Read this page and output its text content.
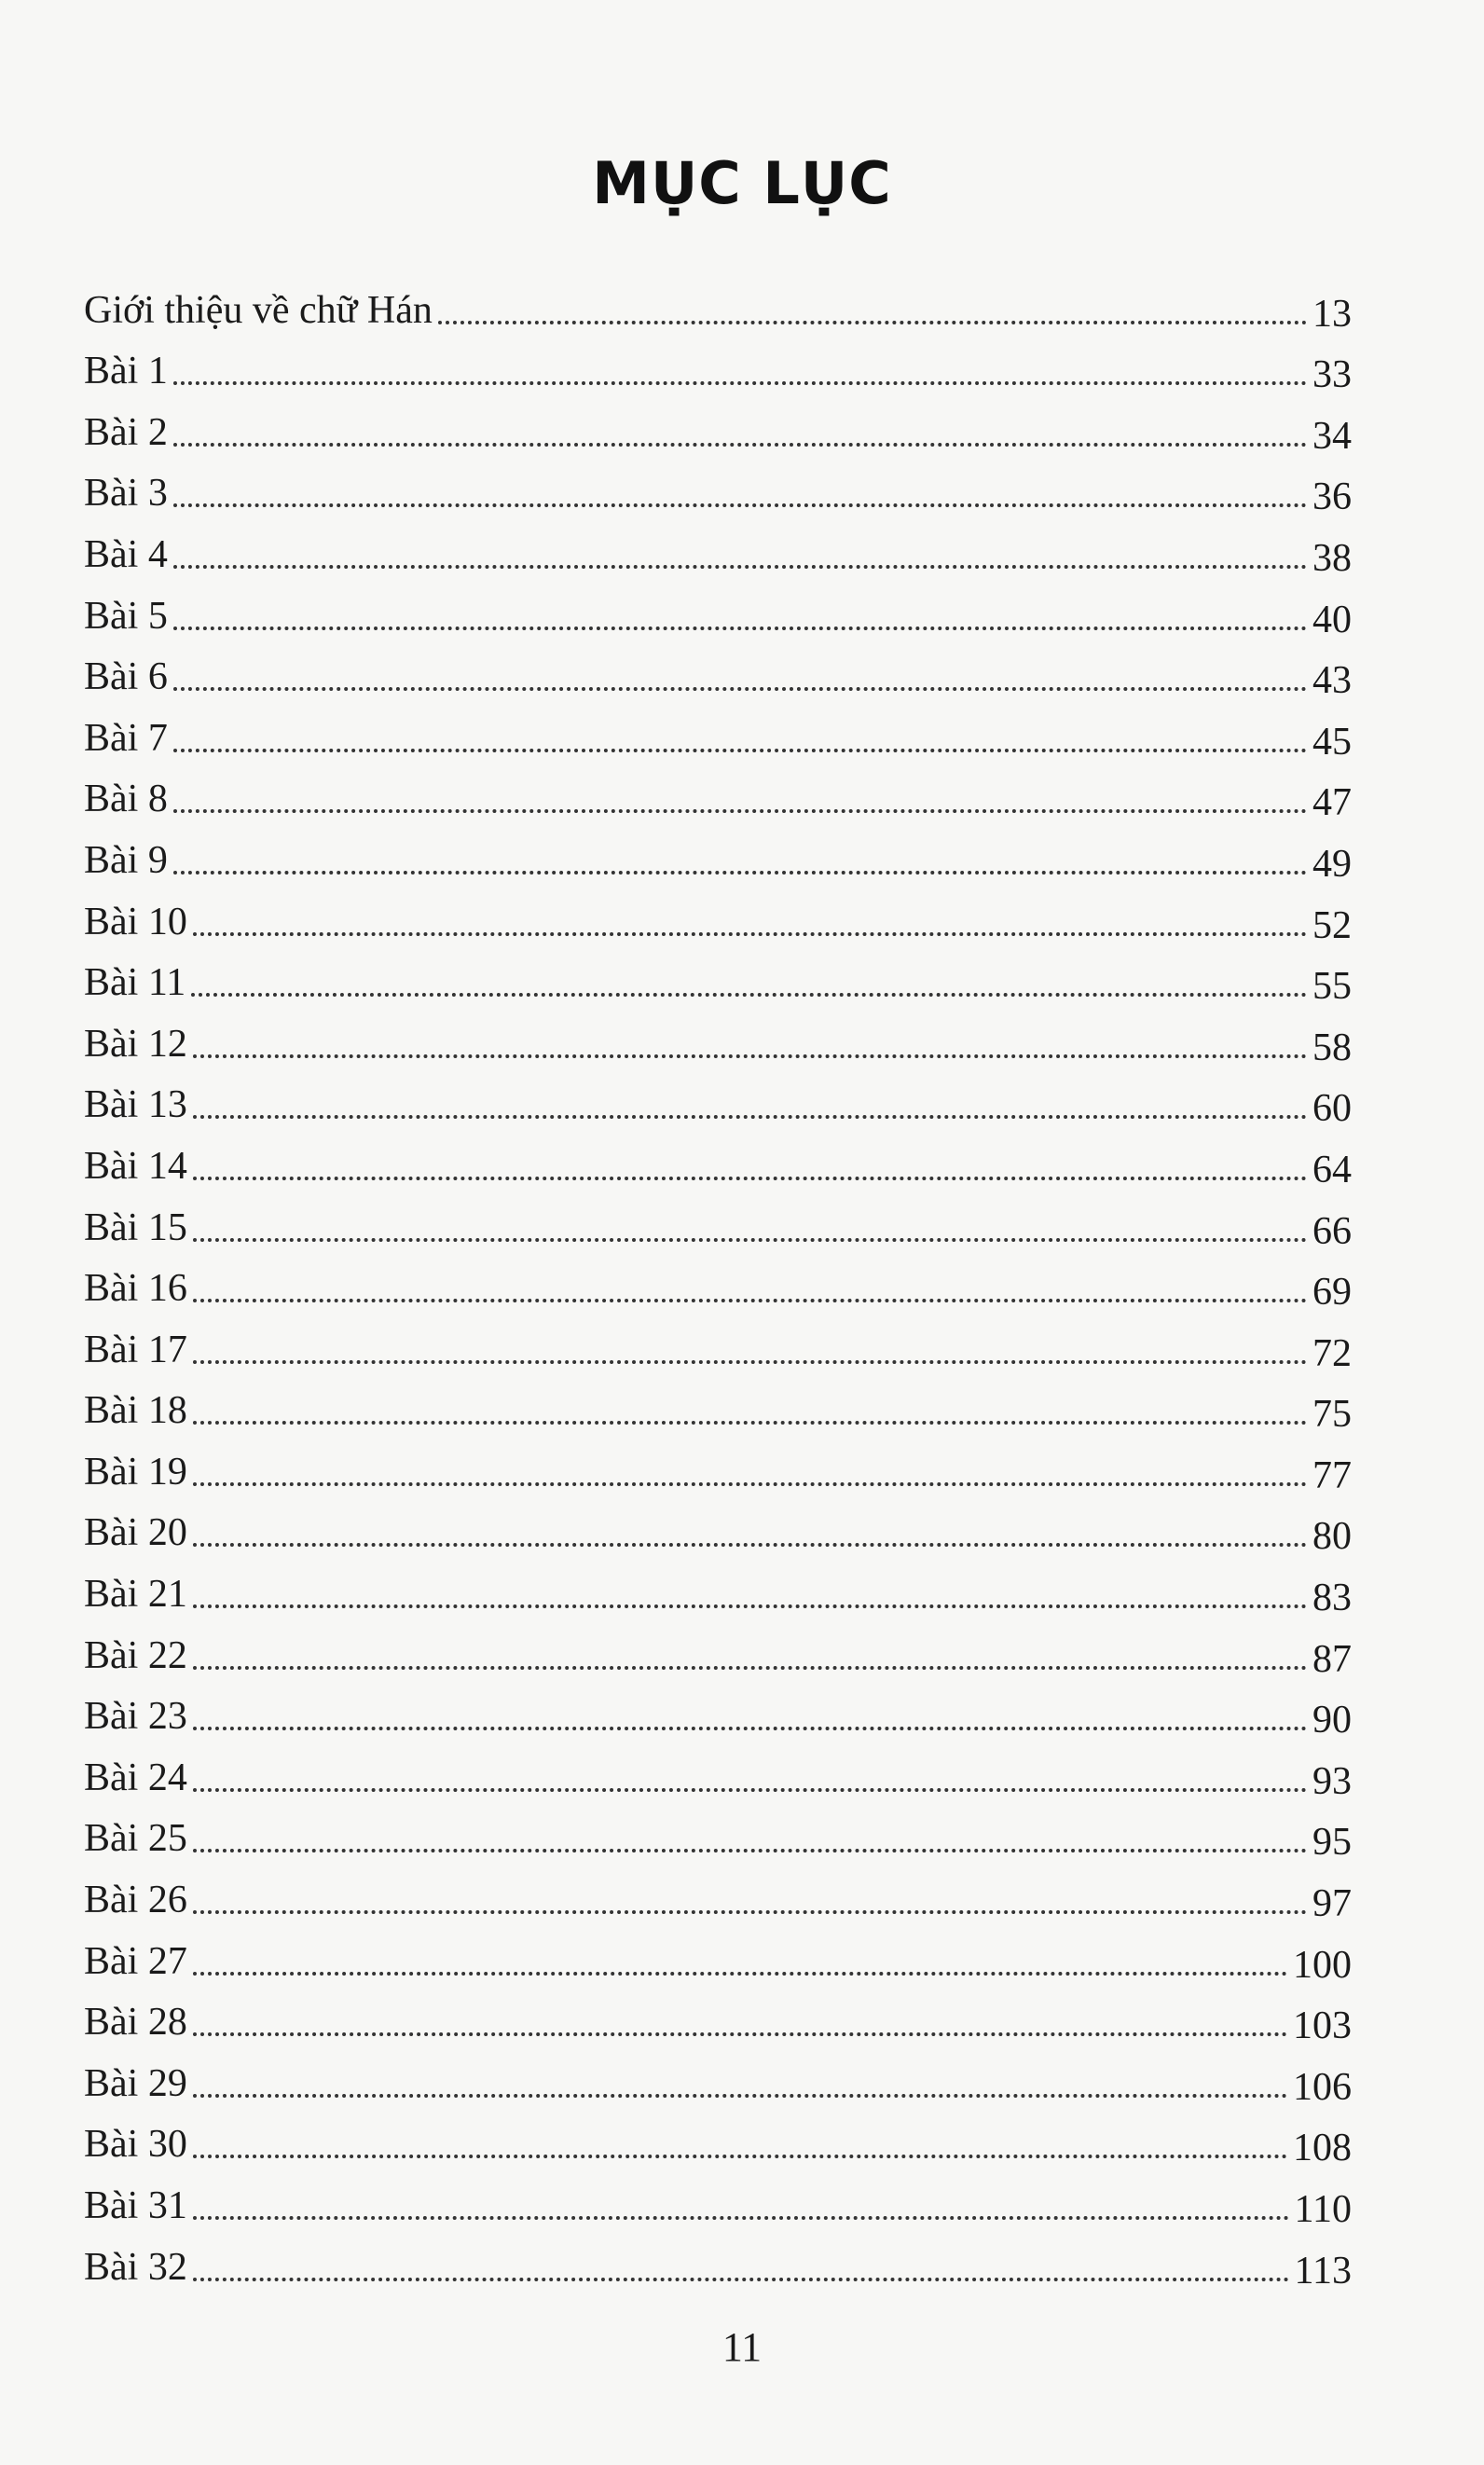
MỤC LỤC
Giới thiệu về chữ Hán	13
Bài 1	33
Bài 2	34
Bài 3	36
Bài 4	38
Bài 5	40
Bài 6	43
Bài 7	45
Bài 8	47
Bài 9	49
Bài 10	52
Bài 11	55
Bài 12	58
Bài 13	60
Bài 14	64
Bài 15	66
Bài 16	69
Bài 17	72
Bài 18	75
Bài 19	77
Bài 20	80
Bài 21	83
Bài 22	87
Bài 23	90
Bài 24	93
Bài 25	95
Bài 26	97
Bài 27	100
Bài 28	103
Bài 29	106
Bài 30	108
Bài 31	110
Bài 32	113
11
